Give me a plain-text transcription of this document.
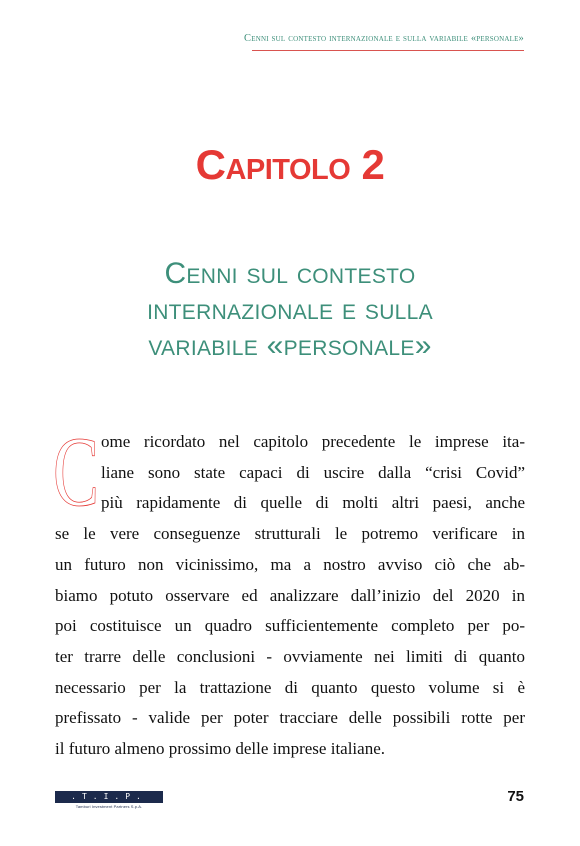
Cenni sul contesto internazionale e sulla variabile «personale»
Capitolo 2
Cenni sul contesto
internazionale e sulla
variabile «personale»
C ome ricordato nel capitolo precedente le imprese ita-
liane sono state capaci di uscire dalla “crisi Covid”
più rapidamente di quelle di molti altri paesi, anche
se le vere conseguenze strutturali le potremo verificare in
un futuro non vicinissimo, ma a nostro avviso ciò che ab-
biamo potuto osservare ed analizzare dall’inizio del 2020 in
poi costituisce un quadro sufficientemente completo per po-
ter trarre delle conclusioni - ovviamente nei limiti di quanto
necessario per la trattazione di quanto questo volume si è
prefissato - valide per poter tracciare delle possibili rotte per
il futuro almeno prossimo delle imprese italiane.
.T.I.P.
Tamburi Investment Partners S.p.A.
75
